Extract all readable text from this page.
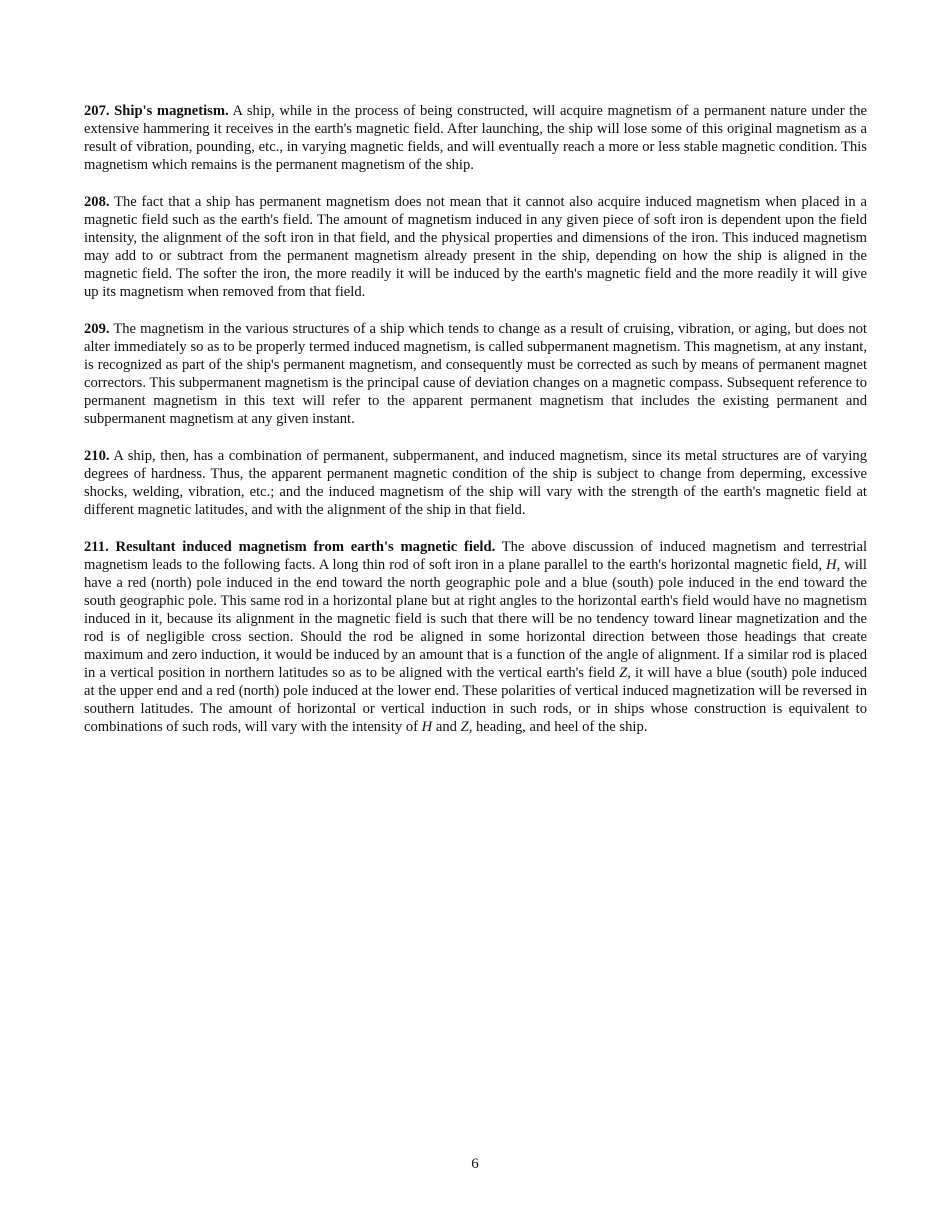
207. Ship's magnetism. A ship, while in the process of being constructed, will acquire magnetism of a permanent nature under the extensive hammering it receives in the earth's magnetic field. After launching, the ship will lose some of this original magnetism as a result of vibration, pounding, etc., in varying magnetic fields, and will eventually reach a more or less stable magnetic condition. This magnetism which remains is the permanent magnetism of the ship.

208. The fact that a ship has permanent magnetism does not mean that it cannot also acquire induced magnetism when placed in a magnetic field such as the earth's field. The amount of magnetism induced in any given piece of soft iron is dependent upon the field intensity, the alignment of the soft iron in that field, and the physical properties and dimensions of the iron. This induced magnetism may add to or subtract from the permanent magnetism already present in the ship, depending on how the ship is aligned in the magnetic field. The softer the iron, the more readily it will be induced by the earth's magnetic field and the more readily it will give up its magnetism when removed from that field.

209. The magnetism in the various structures of a ship which tends to change as a result of cruising, vibration, or aging, but does not alter immediately so as to be properly termed induced magnetism, is called subpermanent magnetism. This magnetism, at any instant, is recognized as part of the ship's permanent magnetism, and consequently must be corrected as such by means of permanent magnet correctors. This subpermanent magnetism is the principal cause of deviation changes on a magnetic compass. Subsequent reference to permanent magnetism in this text will refer to the apparent permanent magnetism that includes the existing permanent and subpermanent magnetism at any given instant.

210. A ship, then, has a combination of permanent, subpermanent, and induced magnetism, since its metal structures are of varying degrees of hardness. Thus, the apparent permanent magnetic condition of the ship is subject to change from deperming, excessive shocks, welding, vibration, etc.; and the induced magnetism of the ship will vary with the strength of the earth's magnetic field at different magnetic latitudes, and with the alignment of the ship in that field.

211. Resultant induced magnetism from earth's magnetic field. The above discussion of induced magnetism and terrestrial magnetism leads to the following facts. A long thin rod of soft iron in a plane parallel to the earth's horizontal magnetic field, H, will have a red (north) pole induced in the end toward the north geographic pole and a blue (south) pole induced in the end toward the south geographic pole. This same rod in a horizontal plane but at right angles to the horizontal earth's field would have no magnetism induced in it, because its alignment in the magnetic field is such that there will be no tendency toward linear magnetization and the rod is of negligible cross section. Should the rod be aligned in some horizontal direction between those headings that create maximum and zero induction, it would be induced by an amount that is a function of the angle of alignment. If a similar rod is placed in a vertical position in northern latitudes so as to be aligned with the vertical earth's field Z, it will have a blue (south) pole induced at the upper end and a red (north) pole induced at the lower end. These polarities of vertical induced magnetization will be reversed in southern latitudes. The amount of horizontal or vertical induction in such rods, or in ships whose construction is equivalent to combinations of such rods, will vary with the intensity of H and Z, heading, and heel of the ship.

6
